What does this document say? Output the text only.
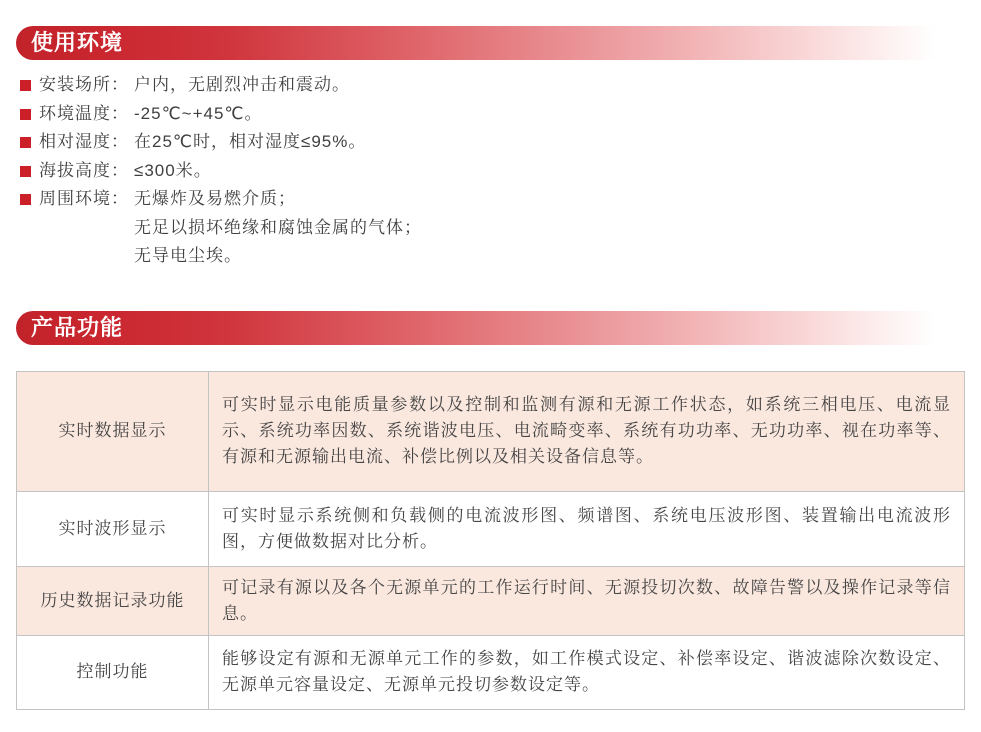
使用环境
安装场所： 户内，无剧烈冲击和震动。
环境温度： -25℃~+45℃。
相对湿度： 在25℃时，相对湿度≤95%。
海拔高度： ≤300米。
周围环境： 无爆炸及易燃介质；
无足以损坏绝缘和腐蚀金属的气体；
无导电尘埃。
产品功能
实时数据显示	可实时显示电能质量参数以及控制和监测有源和无源工作状态，如系统三相电压、电流显示、系统功率因数、系统谐波电压、电流畸变率、系统有功功率、无功功率、视在功率等、有源和无源输出电流、补偿比例以及相关设备信息等。
实时波形显示	可实时显示系统侧和负载侧的电流波形图、频谱图、系统电压波形图、装置输出电流波形图，方便做数据对比分析。
历史数据记录功能	可记录有源以及各个无源单元的工作运行时间、无源投切次数、故障告警以及操作记录等信息。
控制功能	能够设定有源和无源单元工作的参数，如工作模式设定、补偿率设定、谐波滤除次数设定、无源单元容量设定、无源单元投切参数设定等。
